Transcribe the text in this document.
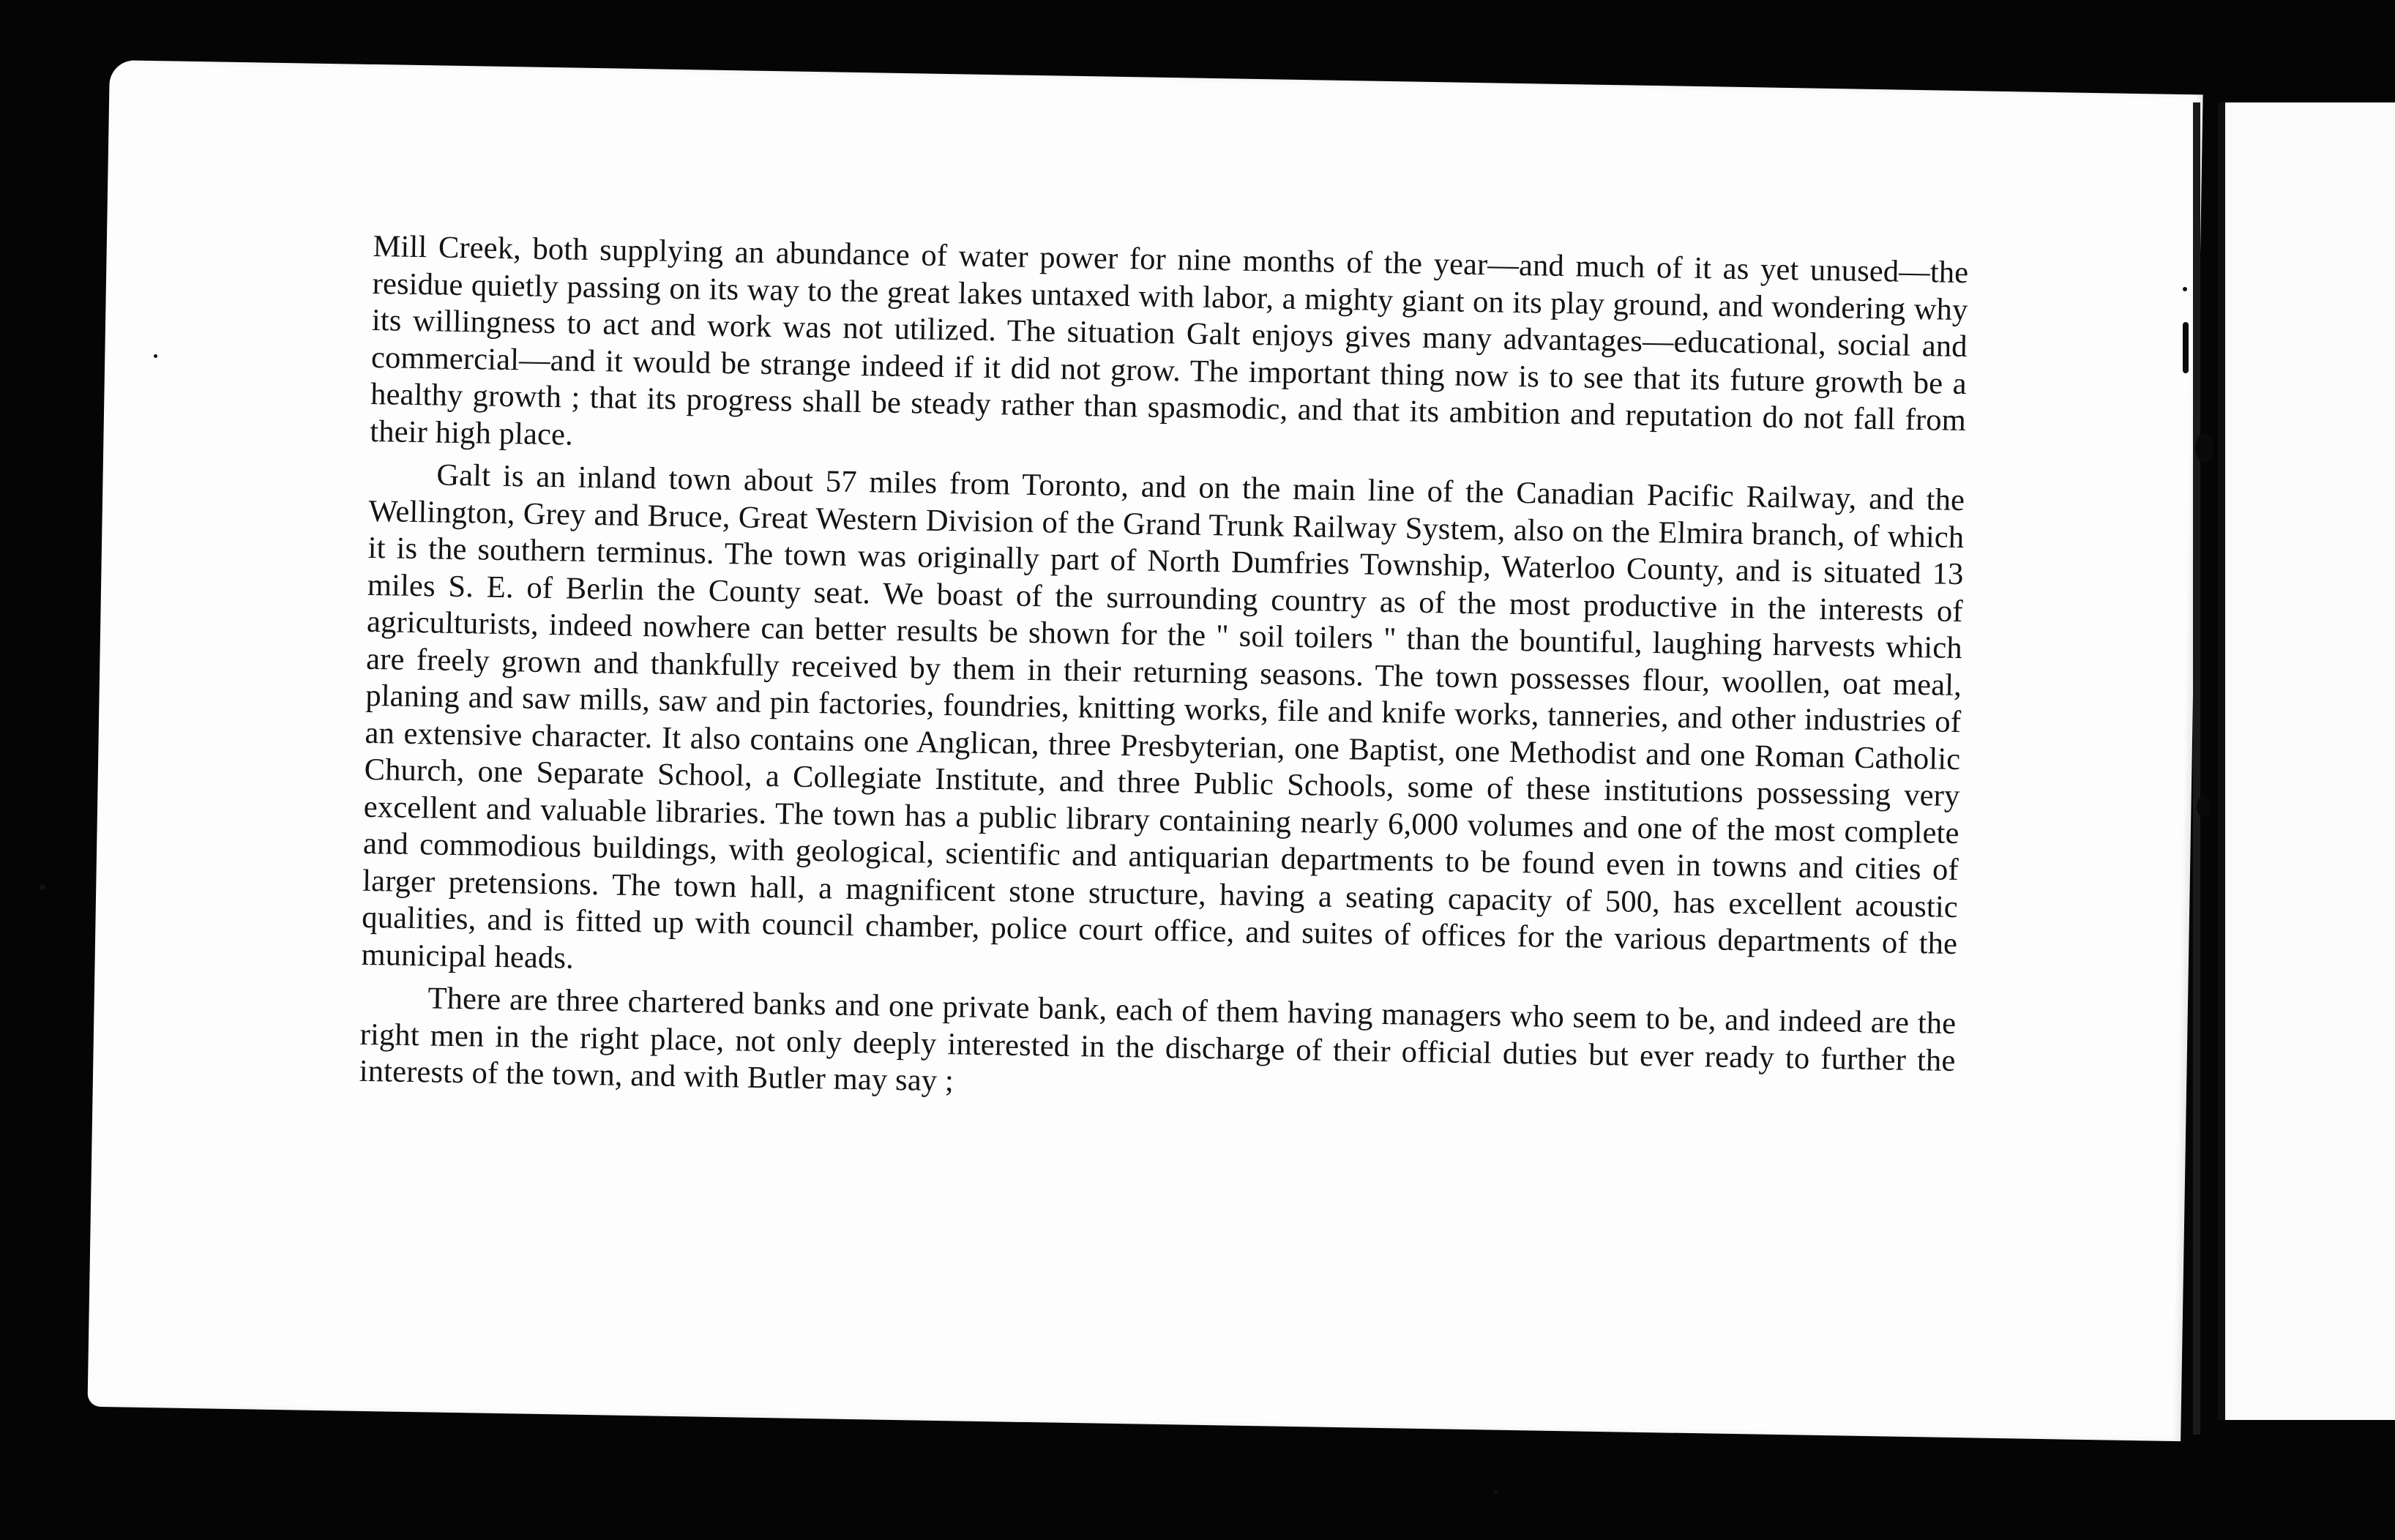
Mill Creek, both supplying an abundance of water power for nine months of the year—and much of it as yet unused—the residue quietly passing on its way to the great lakes untaxed with labor, a mighty giant on its play ground, and wondering why its willingness to act and work was not utilized. The situation Galt enjoys gives many advantages—educational, social and commercial—and it would be strange indeed if it did not grow. The important thing now is to see that its future growth be a healthy growth ; that its progress shall be steady rather than spasmodic, and that its ambition and reputation do not fall from their high place.

Galt is an inland town about 57 miles from Toronto, and on the main line of the Canadian Pacific Railway, and the Wellington, Grey and Bruce, Great Western Division of the Grand Trunk Railway System, also on the Elmira branch, of which it is the southern terminus. The town was originally part of North Dumfries Township, Waterloo County, and is situated 13 miles S. E. of Berlin the County seat. We boast of the surrounding country as of the most productive in the interests of agriculturists, indeed nowhere can better results be shown for the " soil toilers " than the bountiful, laughing harvests which are freely grown and thankfully received by them in their returning seasons. The town possesses flour, woollen, oat meal, planing and saw mills, saw and pin factories, foundries, knitting works, file and knife works, tanneries, and other industries of an extensive character. It also contains one Anglican, three Presbyterian, one Baptist, one Methodist and one Roman Catholic Church, one Separate School, a Collegiate Institute, and three Public Schools, some of these institutions possessing very excellent and valuable libraries. The town has a public library containing nearly 6,000 volumes and one of the most complete and commodious buildings, with geological, scientific and antiquarian departments to be found even in towns and cities of larger pretensions. The town hall, a magnificent stone structure, having a seating capacity of 500, has excellent acoustic qualities, and is fitted up with council chamber, police court office, and suites of offices for the various departments of the municipal heads.

There are three chartered banks and one private bank, each of them having managers who seem to be, and indeed are the right men in the right place, not only deeply interested in the discharge of their official duties but ever ready to further the interests of the town, and with Butler may say ;
